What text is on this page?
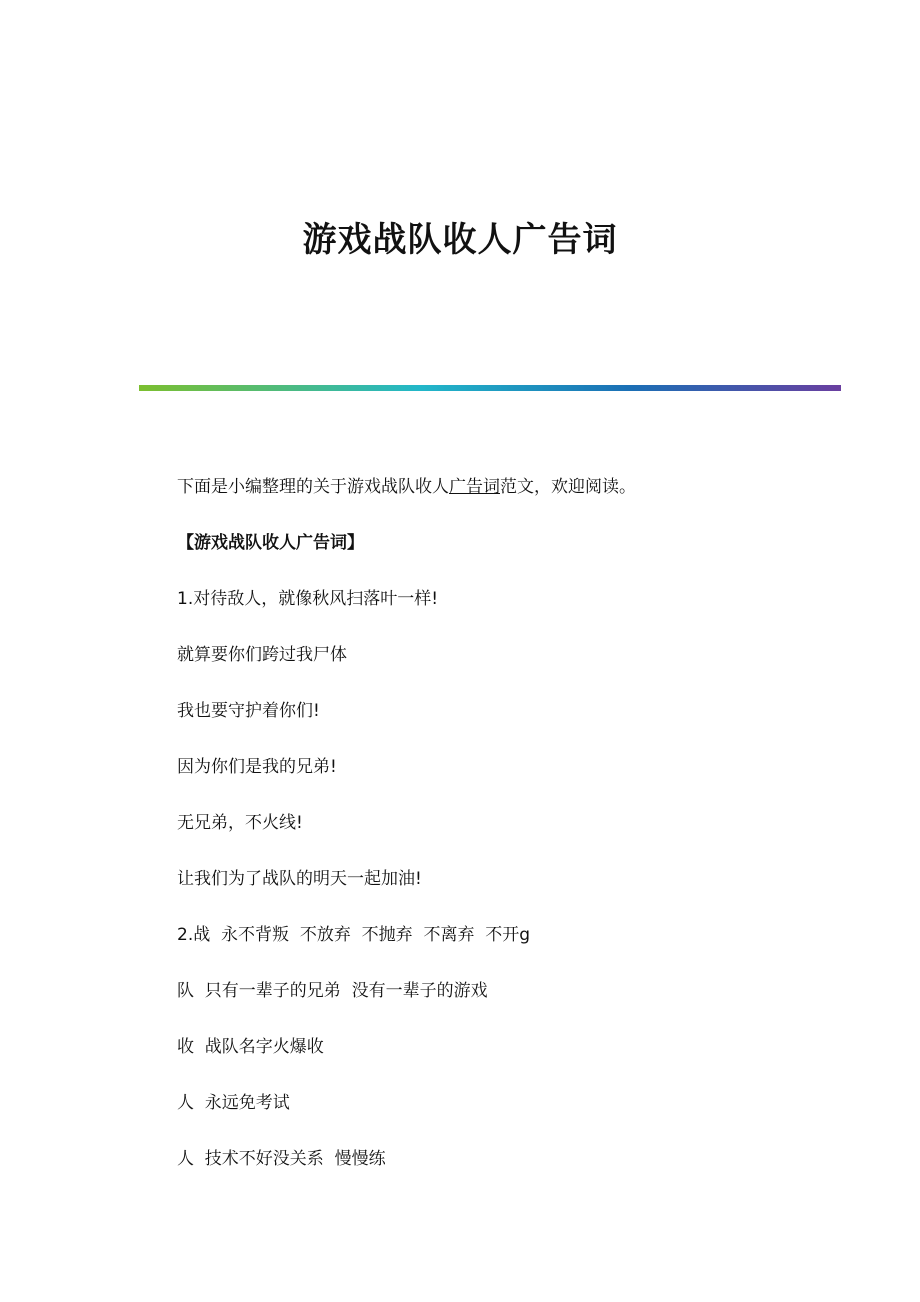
游戏战队收人广告词

下面是小编整理的关于游戏战队收人广告词范文，欢迎阅读。

【游戏战队收人广告词】

1.对待敌人，就像秋风扫落叶一样!

就算要你们跨过我尸体

我也要守护着你们!

因为你们是我的兄弟!

无兄弟，不火线!

让我们为了战队的明天一起加油!

2.战  永不背叛  不放弃  不抛弃  不离弃  不开g

队  只有一辈子的兄弟  没有一辈子的游戏

收  战队名字火爆收

人  永远免考试

人  技术不好没关系  慢慢练
